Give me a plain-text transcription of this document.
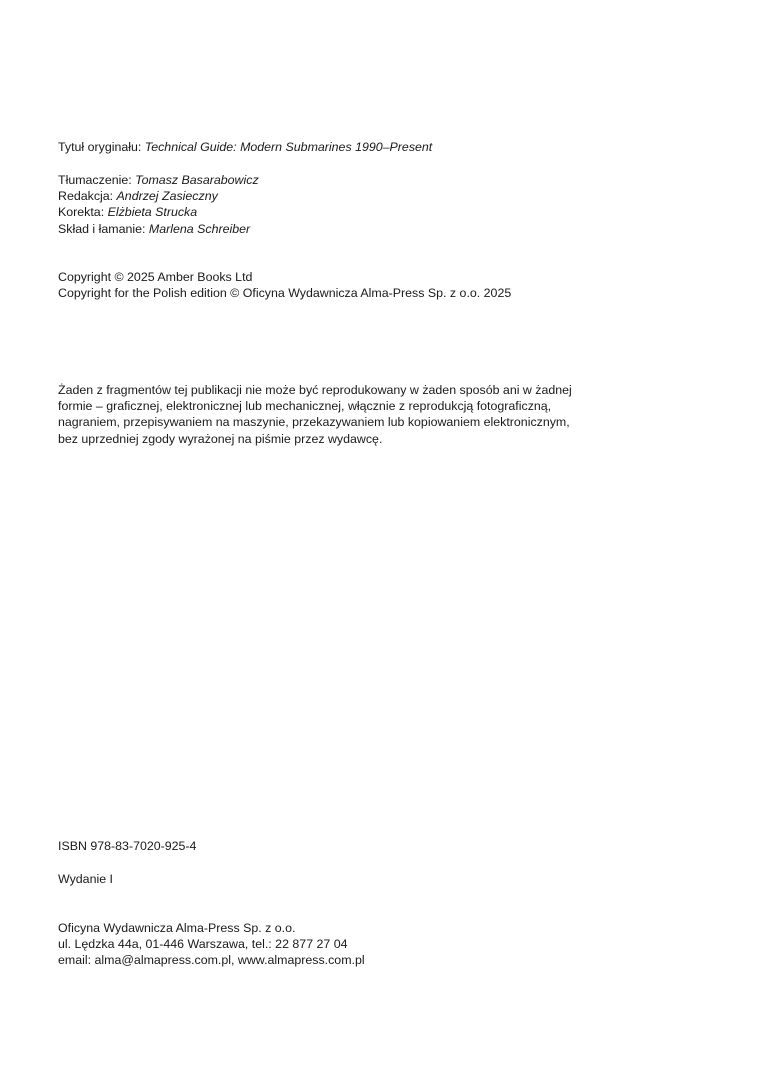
Tytuł oryginału: Technical Guide: Modern Submarines 1990–Present
Tłumaczenie: Tomasz Basarabowicz
Redakcja: Andrzej Zasieczny
Korekta: Elżbieta Strucka
Skład i łamanie: Marlena Schreiber
Copyright © 2025 Amber Books Ltd
Copyright for the Polish edition © Oficyna Wydawnicza Alma-Press Sp. z o.o. 2025
Żaden z fragmentów tej publikacji nie może być reprodukowany w żaden sposób ani w żadnej
formie – graficznej, elektronicznej lub mechanicznej, włącznie z reprodukcją fotograficzną,
nagraniem, przepisywaniem na maszynie, przekazywaniem lub kopiowaniem elektronicznym,
bez uprzedniej zgody wyrażonej na piśmie przez wydawcę.
ISBN 978-83-7020-925-4
Wydanie I
Oficyna Wydawnicza Alma-Press Sp. z o.o.
ul. Lędzka 44a, 01-446 Warszawa, tel.: 22 877 27 04
email: alma@almapress.com.pl, www.almapress.com.pl
